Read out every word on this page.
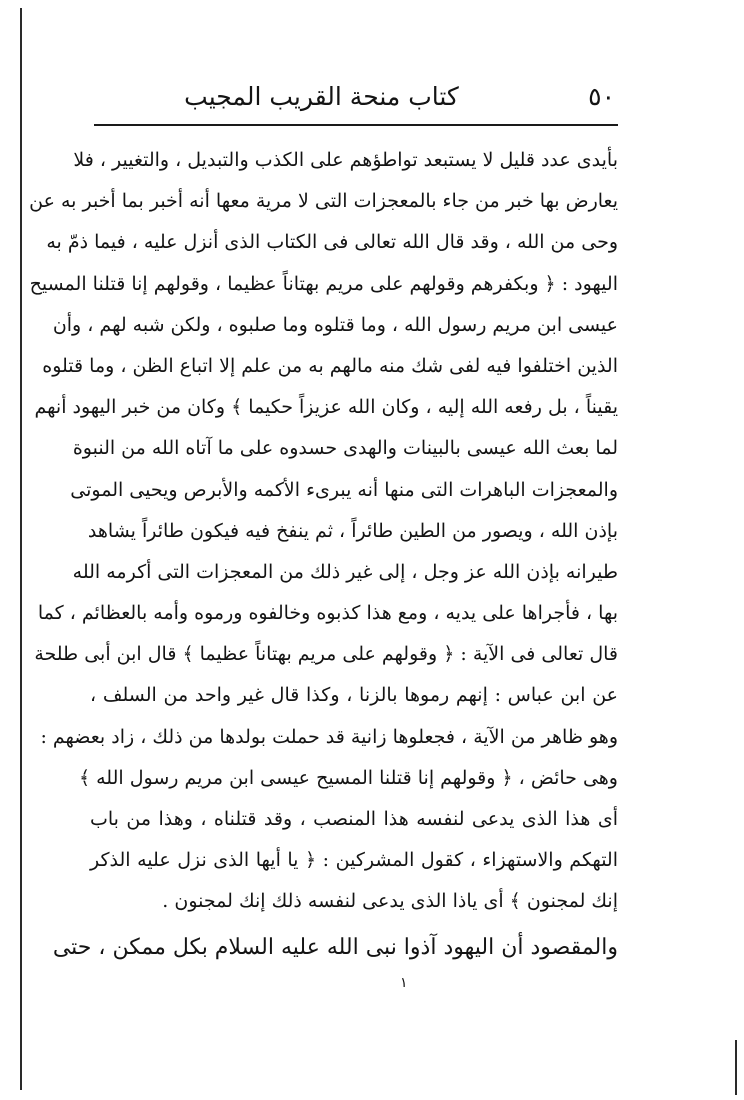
٥٠
كتاب منحة القريب المجيب
بأيدى عدد قليل لا يستبعد تواطؤهم على الكذب والتبديل ، والتغيير ، فلا
يعارض بها خبر من جاء بالمعجزات التى لا مرية معها أنه أخبر بما أخبر به عن
وحى من الله ، وقد قال الله تعالى فى الكتاب الذى أنزل عليه ، فيما ذمّ به
اليهود : ﴿ وبكفرهم وقولهم على مريم بهتاناً عظيما ، وقولهم إنا قتلنا المسيح
عيسى ابن مريم رسول الله ، وما قتلوه وما صلبوه ، ولكن شبه لهم ، وأن
الذين اختلفوا فيه لفى شك منه مالهم به من علم إلا اتباع الظن ، وما قتلوه
يقيناً ، بل رفعه الله إليه ، وكان الله عزيزاً حكيما ﴾ وكان من خبر اليهود أنهم
لما بعث الله عيسى بالبينات والهدى حسدوه على ما آتاه الله من النبوة
والمعجزات الباهرات التى منها أنه يبرىء الأكمه والأبرص ويحيى الموتى
بإذن الله ، ويصور من الطين طائراً ، ثم ينفخ فيه فيكون طائراً يشاهد
طيرانه بإذن الله عز وجل ، إلى غير ذلك من المعجزات التى أكرمه الله
بها ، فأجراها على يديه ، ومع هذا كذبوه وخالفوه ورموه وأمه بالعظائم ، كما
قال تعالى فى الآية : ﴿ وقولهم على مريم بهتاناً عظيما ﴾ قال ابن أبى طلحة
عن ابن عباس : إنهم رموها بالزنا ، وكذا قال غير واحد من السلف ،
وهو ظاهر من الآية ، فجعلوها زانية قد حملت بولدها من ذلك ، زاد بعضهم :
وهى حائض ، ﴿ وقولهم إنا قتلنا المسيح عيسى ابن مريم رسول الله ﴾
أى هذا الذى يدعى لنفسه هذا المنصب ، وقد قتلناه ، وهذا من باب
التهكم والاستهزاء ، كقول المشركين : ﴿ يا أيها الذى نزل عليه الذكر
إنك لمجنون ﴾ أى ياذا الذى يدعى لنفسه ذلك إنك لمجنون .
والمقصود أن اليهود آذوا نبى الله عليه السلام بكل ممكن ، حتى
١
